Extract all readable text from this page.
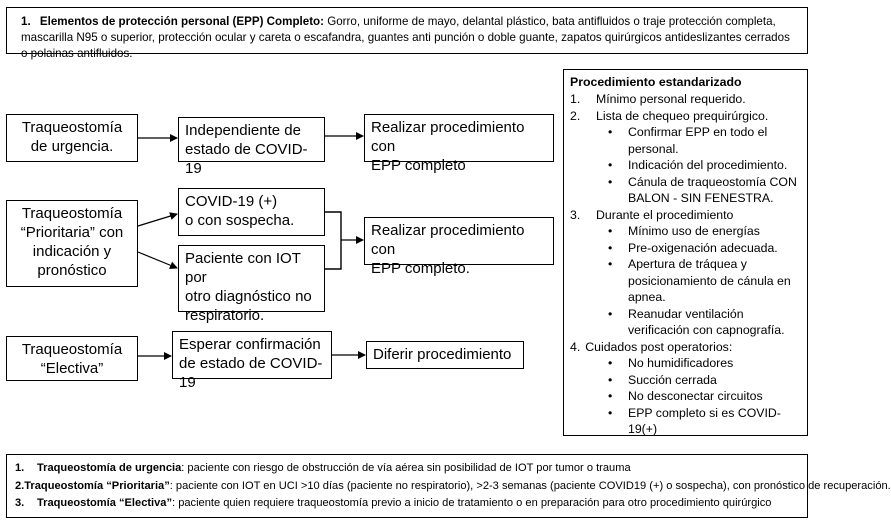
1. Elementos de protección personal (EPP) Completo: Gorro, uniforme de mayo, delantal plástico, bata antifluidos o traje protección completa, mascarilla N95 o superior, protección ocular y careta o escafandra, guantes anti punción o doble guante, zapatos quirúrgicos antideslizantes cerrados o polainas antifluidos.
Traqueostomía
de urgencia.
Independiente de
estado de COVID-19
Realizar procedimiento con
EPP completo
Traqueostomía
“Prioritaria” con
indicación y
pronóstico
COVID-19 (+)
o con sospecha.
Paciente con IOT por
otro diagnóstico no
respiratorio.
Realizar procedimiento con
EPP completo.
Traqueostomía
“Electiva”
Esperar confirmación
de estado de COVID-19
Diferir procedimiento
Procedimiento estandarizado
1. Mínimo personal requerido.
2. Lista de chequeo prequirúrgico.
• Confirmar EPP en todo el
personal.
• Indicación del procedimiento.
• Cánula de traqueostomía CON
BALON - SIN FENESTRA.
3. Durante el procedimiento
• Mínimo uso de energías
• Pre-oxigenación adecuada.
• Apertura de tráquea y
posicionamiento de cánula en
apnea.
• Reanudar ventilación
verificación con capnografía.
4. Cuidados post operatorios:
• No humidificadores
• Succión cerrada
• No desconectar circuitos
• EPP completo si es COVID-19(+)
1.	Traqueostomía de urgencia: paciente con riesgo de obstrucción de vía aérea sin posibilidad de IOT por tumor o trauma
2. Traqueostomía “Prioritaria”: paciente con IOT en UCI >10 días (paciente no respiratorio), >2-3 semanas (paciente COVID19 (+) o sospecha), con pronóstico de recuperación.
3.	Traqueostomía “Electiva”: paciente quien requiere traqueostomía previo a inicio de tratamiento o en preparación para otro procedimiento quirúrgico
